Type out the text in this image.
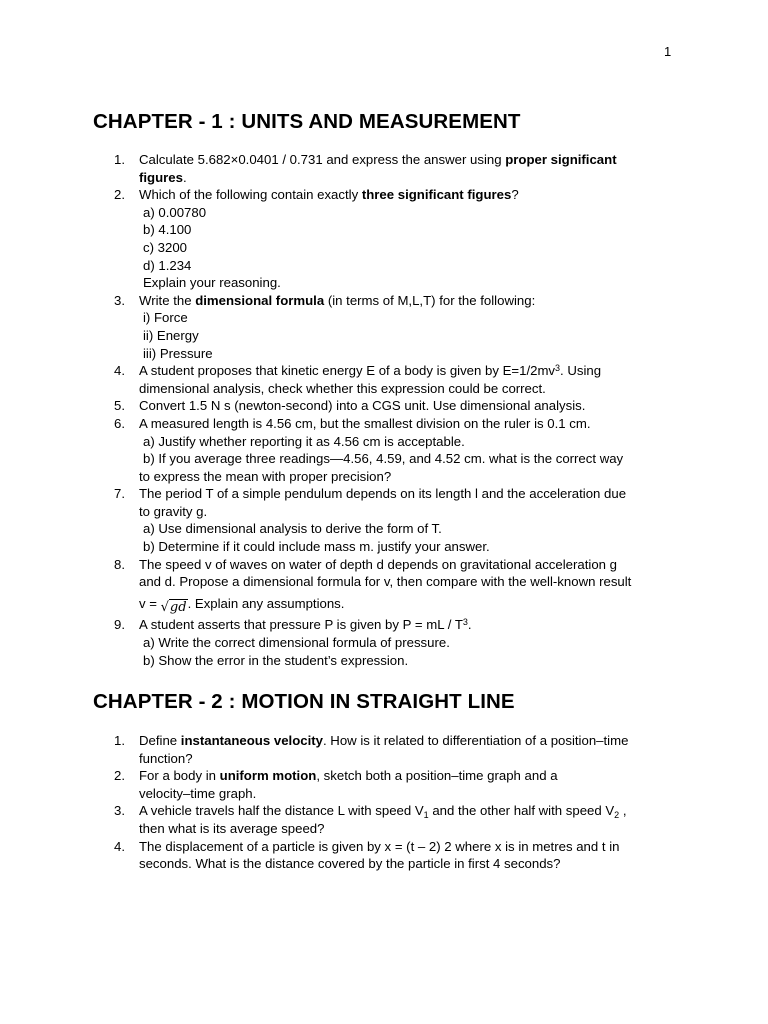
1
CHAPTER - 1 : UNITS AND MEASUREMENT
1. Calculate 5.682×0.0401 / 0.731 and express the answer using proper significant
figures.
2. Which of the following contain exactly three significant figures?
a) 0.00780
b) 4.100
c) 3200
d) 1.234
Explain your reasoning.
3. Write the dimensional formula (in terms of M,L,T) for the following:
i) Force
ii) Energy
iii) Pressure
4. A student proposes that kinetic energy E of a body is given by $E=1/2mv^3$. Using
dimensional analysis, check whether this expression could be correct.
5. Convert 1.5 N s (newton-second) into a CGS unit. Use dimensional analysis.
6. A measured length is 4.56 cm, but the smallest division on the ruler is 0.1 cm.
a) Justify whether reporting it as 4.56 cm is acceptable.
b) If you average three readings—4.56, 4.59, and 4.52 cm. what is the correct way
to express the mean with proper precision?
7. The period T of a simple pendulum depends on its length l and the acceleration due
to gravity g.
a) Use dimensional analysis to derive the form of T.
b) Determine if it could include mass m. justify your answer.
8. The speed v of waves on water of depth d depends on gravitational acceleration g
and d. Propose a dimensional formula for v, then compare with the well-known result
v = √gd. Explain any assumptions.
9. A student asserts that pressure P is given by P = mL / $T^3$.
a) Write the correct dimensional formula of pressure.
b) Show the error in the student’s expression.
CHAPTER - 2 : MOTION IN STRAIGHT LINE
1. Define instantaneous velocity. How is it related to differentiation of a position–time
function?
2. For a body in uniform motion, sketch both a position–time graph and a
velocity–time graph.
3. A vehicle travels half the distance L with speed $V_1$ and the other half with speed $V_2$ ,
then what is its average speed?
4. The displacement of a particle is given by x = (t – 2) 2 where x is in metres and t in
seconds. What is the distance covered by the particle in first 4 seconds?
